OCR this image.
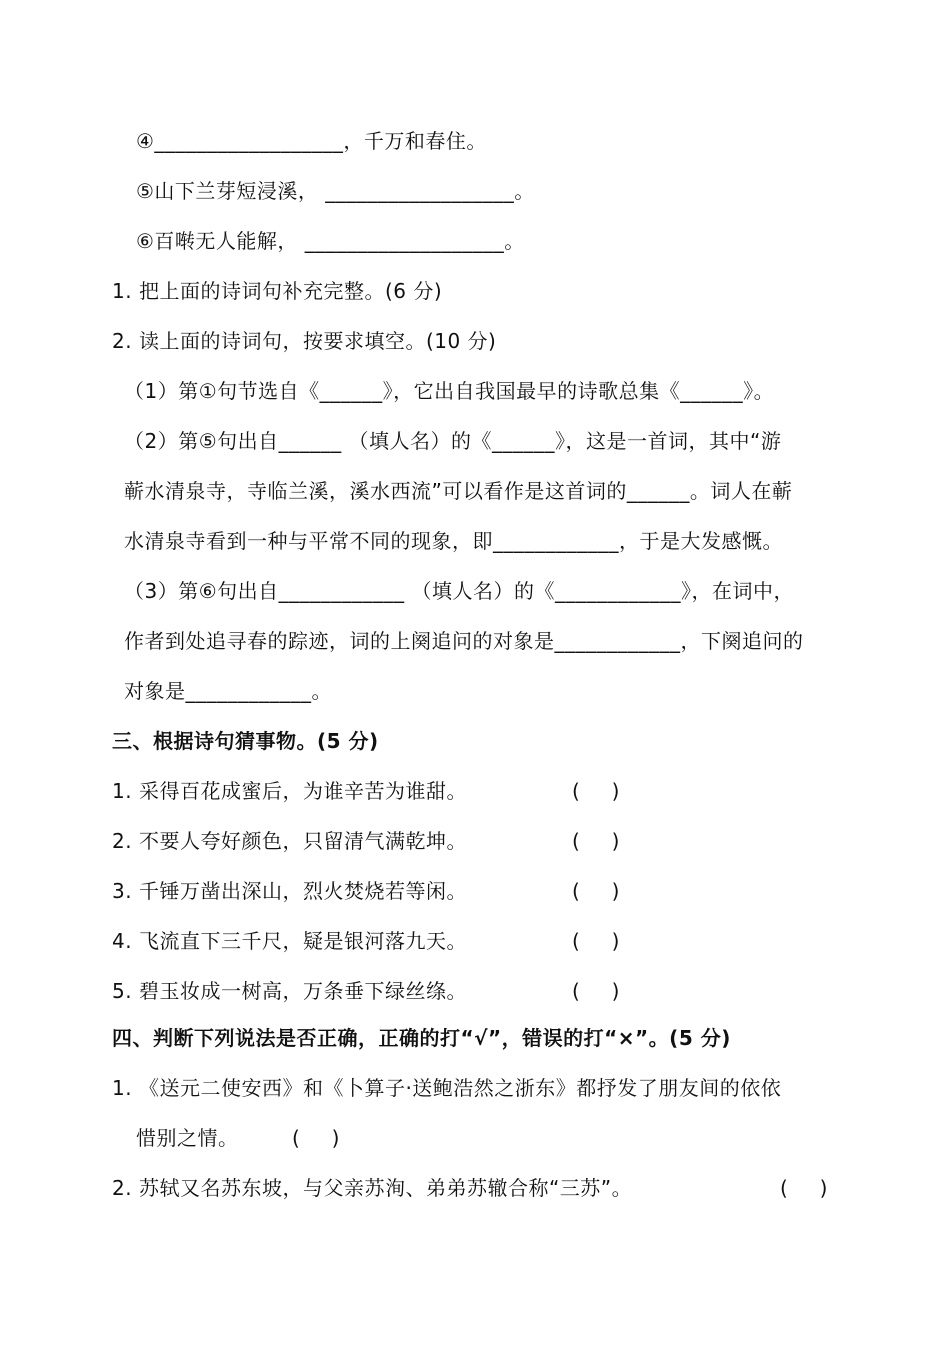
④__________________，千万和春住。
⑤山下兰芽短浸溪， __________________。
⑥百啭无人能解， ___________________。
1. 把上面的诗词句补充完整。(6 分)
2. 读上面的诗词句，按要求填空。(10 分)
（1）第①句节选自《______》，它出自我国最早的诗歌总集《______》。
（2）第⑤句出自______ （填人名）的《______》，这是一首词，其中“游
蕲水清泉寺，寺临兰溪，溪水西流”可以看作是这首词的______。词人在蕲
水清泉寺看到一种与平常不同的现象，即____________，于是大发感慨。
（3）第⑥句出自____________ （填人名）的《____________》，在词中，
作者到处追寻春的踪迹，词的上阕追问的对象是____________，下阕追问的
对象是____________。
三、根据诗句猜事物。(5 分)
1. 采得百花成蜜后，为谁辛苦为谁甜。	(     )
2. 不要人夸好颜色，只留清气满乾坤。	(     )
3. 千锤万凿出深山，烈火焚烧若等闲。	(     )
4. 飞流直下三千尺，疑是银河落九天。	(     )
5. 碧玉妆成一树高，万条垂下绿丝绦。	(     )
四、判断下列说法是否正确，正确的打“√”，错误的打“×”。(5 分)
1. 《送元二使安西》和《卜算子·送鲍浩然之浙东》都抒发了朋友间的依依
惜别之情。	(     )
2. 苏轼又名苏东坡，与父亲苏洵、弟弟苏辙合称“三苏”。	(     )
